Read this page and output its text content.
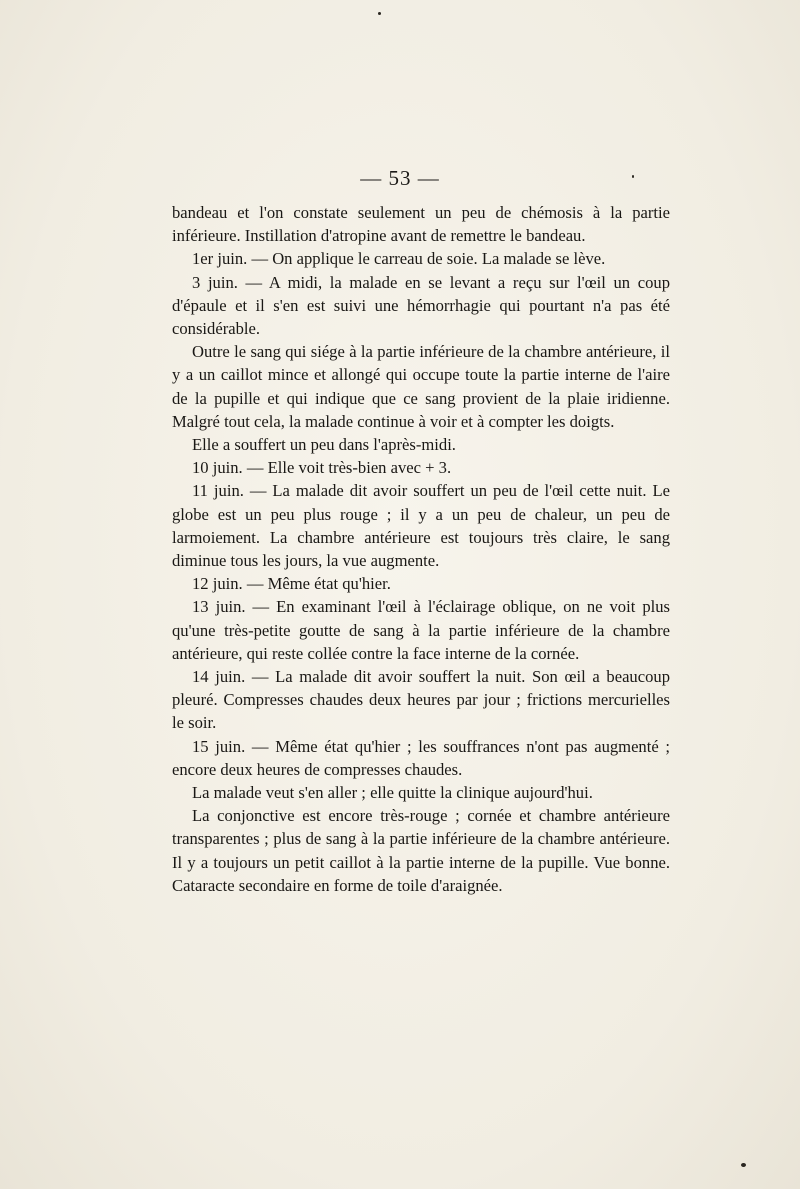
— 53 —

bandeau et l'on constate seulement un peu de chémosis à la partie inférieure. Instillation d'atropine avant de remettre le bandeau.

1er juin. — On applique le carreau de soie. La malade se lève.

3 juin. — A midi, la malade en se levant a reçu sur l'œil un coup d'épaule et il s'en est suivi une hémorrhagie qui pourtant n'a pas été considérable.

Outre le sang qui siége à la partie inférieure de la chambre antérieure, il y a un caillot mince et allongé qui occupe toute la partie interne de l'aire de la pupille et qui indique que ce sang provient de la plaie iridienne. Malgré tout cela, la malade continue à voir et à compter les doigts.

Elle a souffert un peu dans l'après-midi.

10 juin. — Elle voit très-bien avec + 3.

11 juin. — La malade dit avoir souffert un peu de l'œil cette nuit. Le globe est un peu plus rouge ; il y a un peu de chaleur, un peu de larmoiement. La chambre antérieure est toujours très claire, le sang diminue tous les jours, la vue augmente.

12 juin. — Même état qu'hier.

13 juin. — En examinant l'œil à l'éclairage oblique, on ne voit plus qu'une très-petite goutte de sang à la partie inférieure de la chambre antérieure, qui reste collée contre la face interne de la cornée.

14 juin. — La malade dit avoir souffert la nuit. Son œil a beaucoup pleuré. Compresses chaudes deux heures par jour ; frictions mercurielles le soir.

15 juin. — Même état qu'hier ; les souffrances n'ont pas augmenté ; encore deux heures de compresses chaudes.

La malade veut s'en aller ; elle quitte la clinique aujourd'hui.

La conjonctive est encore très-rouge ; cornée et chambre antérieure transparentes ; plus de sang à la partie inférieure de la chambre antérieure. Il y a toujours un petit caillot à la partie interne de la pupille. Vue bonne. Cataracte secondaire en forme de toile d'araignée.
